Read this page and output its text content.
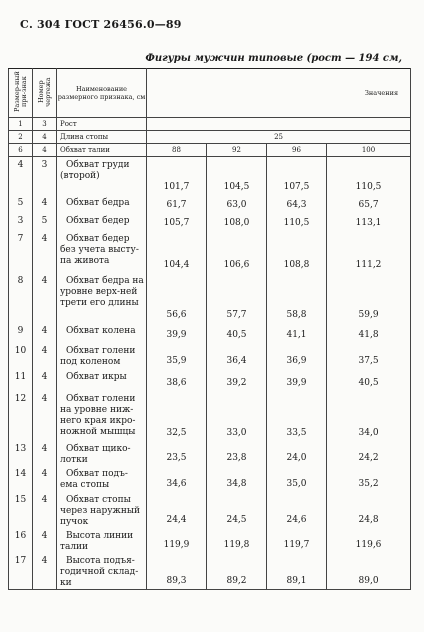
С. 304 ГОСТ 26456.0—89
Фигуры мужчин типовые (рост — 194 см,
Размер-ный при-знак	Номер чертежа	Наименование размерного признака, см	Значения			
1	3	Рост				
2	4	Длина стопы	25			
6	4	Обхват талии	88	92	96	100
4	3	Обхват груди (второй)	101,7	104,5	107,5	110,5
5	4	Обхват бедра	61,7	63,0	64,3	65,7
3	5	Обхват бедер	105,7	108,0	110,5	113,1
7	4	Обхват бедер без учета высту-па живота	104,4	106,6	108,8	111,2
8	4	Обхват бедра на уровне верх-ней трети его длины	56,6	57,7	58,8	59,9
9	4	Обхват колена	39,9	40,5	41,1	41,8
10	4	Обхват голени под коленом	35,9	36,4	36,9	37,5
11	4	Обхват икры	38,6	39,2	39,9	40,5
12	4	Обхват голени на уровне ниж-него края икро-ножной мышцы	32,5	33,0	33,5	34,0
13	4	Обхват щико-лотки	23,5	23,8	24,0	24,2
14	4	Обхват подъ-ема стопы	34,6	34,8	35,0	35,2
15	4	Обхват стопы через наружный пучок	24,4	24,5	24,6	24,8
16	4	Высота линии талии	119,9	119,8	119,7	119,6
17	4	Высота подъя-годичной склад-ки	89,3	89,2	89,1	89,0
